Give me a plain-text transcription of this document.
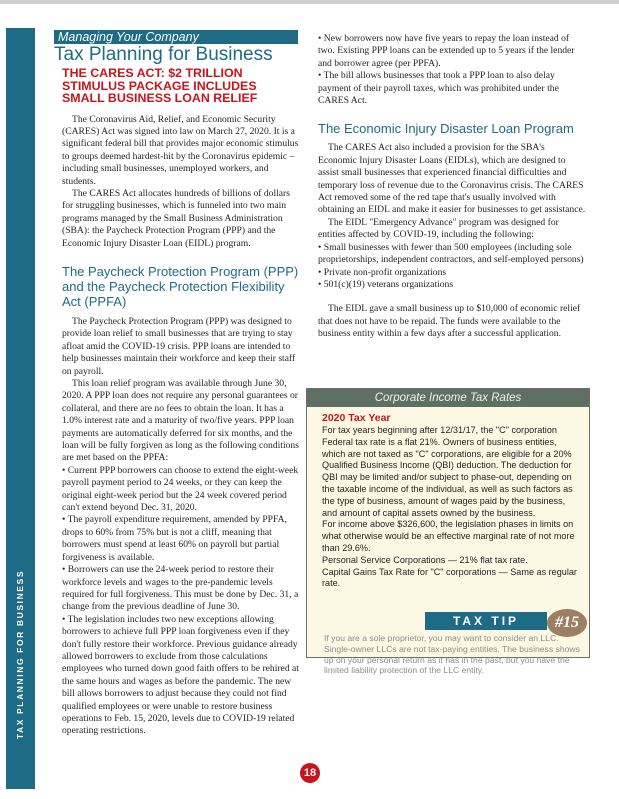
TAX PLANNING FOR BUSINESS
Managing Your Company
Tax Planning for Business
THE CARES ACT: $2 TRILLION STIMULUS PACKAGE INCLUDES SMALL BUSINESS LOAN RELIEF

The Coronavirus Aid, Relief, and Economic Security (CARES) Act was signed into law on March 27, 2020. It is a significant federal bill that provides major economic stimulus to groups deemed hardest-hit by the Coronavirus epidemic – including small businesses, unemployed workers, and students.

The CARES Act allocates hundreds of billions of dollars for struggling businesses, which is funneled into two main programs managed by the Small Business Administration (SBA): the Paycheck Protection Program (PPP) and the Economic Injury Disaster Loan (EIDL) program.

The Paycheck Protection Program (PPP) and the Paycheck Protection Flexibility Act (PPFA)

The Paycheck Protection Program (PPP) was designed to provide loan relief to small businesses that are trying to stay afloat amid the COVID-19 crisis. PPP loans are intended to help businesses maintain their workforce and keep their staff on payroll.

This loan relief program was available through June 30, 2020. A PPP loan does not require any personal guarantees or collateral, and there are no fees to obtain the loan. It has a 1.0% interest rate and a maturity of two/five years. PPP loan payments are automatically deferred for six months, and the loan will be fully forgiven as long as the following conditions are met based on the PPFA:

• Current PPP borrowers can choose to extend the eight-week payroll payment period to 24 weeks, or they can keep the original eight-week period but the 24 week covered period can't extend beyond Dec. 31, 2020.

• The payroll expenditure requirement, amended by PPFA, drops to 60% from 75% but is not a cliff, meaning that borrowers must spend at least 60% on payroll but partial forgiveness is available.

• Borrowers can use the 24-week period to restore their workforce levels and wages to the pre-pandemic levels required for full forgiveness. This must be done by Dec. 31, a change from the previous deadline of June 30.

• The legislation includes two new exceptions allowing borrowers to achieve full PPP loan forgiveness even if they don't fully restore their workforce. Previous guidance already allowed borrowers to exclude from those calculations employees who turned down good faith offers to be rehired at the same hours and wages as before the pandemic. The new bill allows borrowers to adjust because they could not find qualified employees or were unable to restore business operations to Feb. 15, 2020, levels due to COVID-19 related operating restrictions.

• New borrowers now have five years to repay the loan instead of two. Existing PPP loans can be extended up to 5 years if the lender and borrower agree (per PPFA).

• The bill allows businesses that took a PPP loan to also delay payment of their payroll taxes, which was prohibited under the CARES Act.

The Economic Injury Disaster Loan Program

The CARES Act also included a provision for the SBA's Economic Injury Disaster Loans (EIDLs), which are designed to assist small businesses that experienced financial difficulties and temporary loss of revenue due to the Coronavirus crisis. The CARES Act removed some of the red tape that's usually involved with obtaining an EIDL and make it easier for businesses to get assistance.

The EIDL "Emergency Advance" program was designed for entities affected by COVID-19, including the following:

• Small businesses with fewer than 500 employees (including sole proprietorships, independent contractors, and self-employed persons)

• Private non-profit organizations

• 501(c)(19) veterans organizations

The EIDL gave a small business up to $10,000 of economic relief that does not have to be repaid. The funds were available to the business entity within a few days after a successful application.

Corporate Income Tax Rates
2020 Tax Year

For tax years beginning after 12/31/17, the "C" corporation Federal tax rate is a flat 21%. Owners of business entities, which are not taxed as "C" corporations, are eligible for a 20% Qualified Business Income (QBI) deduction. The deduction for QBI may be limited and/or subject to phase-out, depending on the taxable income of the individual, as well as such factors as the type of business, amount of wages paid by the business, and amount of capital assets owned by the business.

For income above $326,600, the legislation phases in limits on what otherwise would be an effective marginal rate of not more than 29.6%.

Personal Service Corporations — 21% flat tax rate.

Capital Gains Tax Rate for "C" corporations — Same as regular rate.

TAX TIP	#15
If you are a sole proprietor, you may want to consider an LLC. Single-owner LLCs are not tax-paying entities. The business shows up on your personal return as it has in the past, but you have the limited liability protection of the LLC entity.
18
